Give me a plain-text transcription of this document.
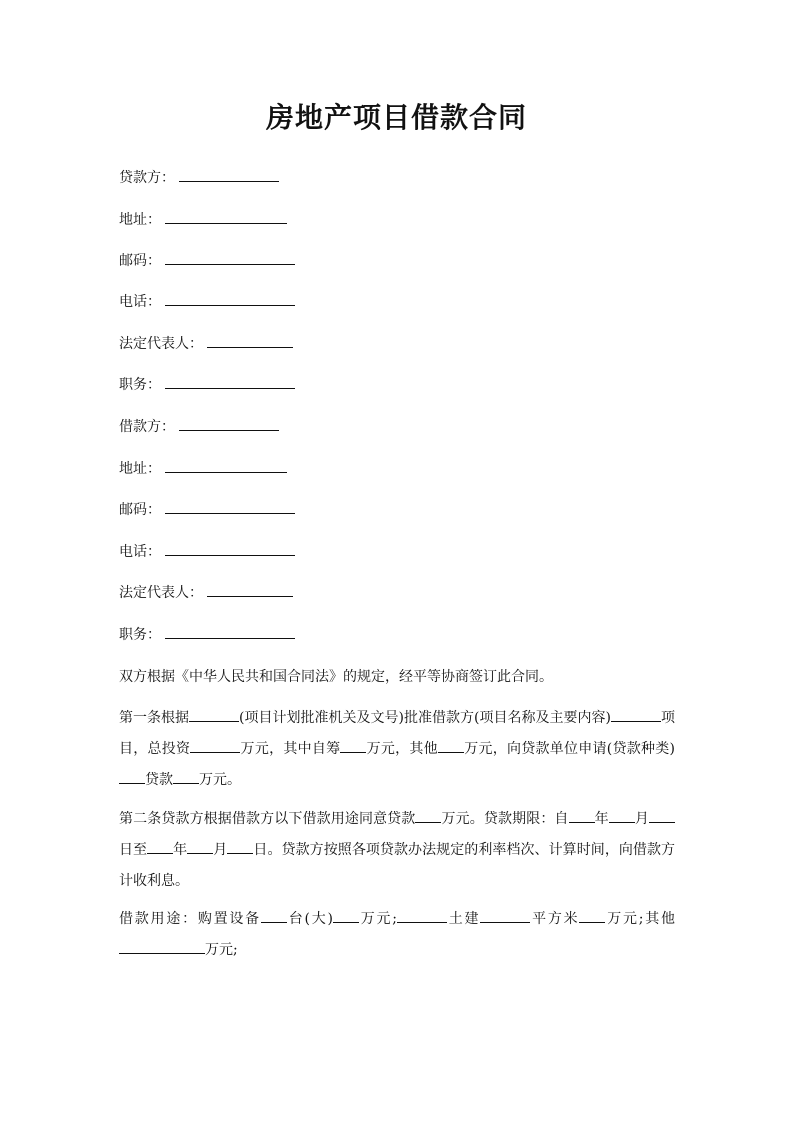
房地产项目借款合同
贷款方：
地址：
邮码：
电话：
法定代表人：
职务：
借款方：
地址：
邮码：
电话：
法定代表人：
职务：
双方根据《中华人民共和国合同法》的规定，经平等协商签订此合同。
第一条根据	(项目计划批准机关及文号)批准借款方(项目名称及主要内容)	项目，总投资	万元，其中自筹 万元，其他 万元，向贷款单位申请(贷款种类)贷款 万元。
第二条贷款方根据借款方以下借款用途同意贷款 万元。贷款期限：自 年 月日至 年 月 日。贷款方按照各项贷款办法规定的利率档次、计算时间，向借款方计收利息。
借款用途：购置设备 台(大) 万元;	土建	平方米 万元;其他万元;
